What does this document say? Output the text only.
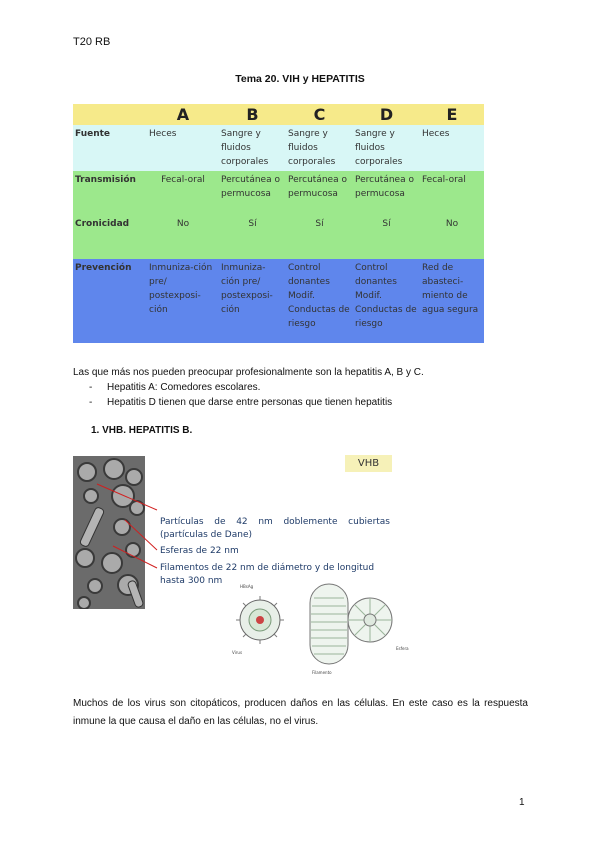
T20 RB
Tema 20. VIH y HEPATITIS
	A	B	C	D	E
Fuente	Heces	Sangre y fluidos corporales	Sangre y fluidos corporales	Sangre y fluidos corporales	Heces
Transmisión	Fecal-oral	Percutánea o permucosa	Percutánea o permucosa	Percutánea o permucosa	Fecal-oral
Cronicidad	No	Sí	Sí	Sí	No
Prevención	Inmuniza-ción pre/ postexposi-ción	Inmuniza-ción pre/ postexposi-ción	Control donantes Modif. Conductas de riesgo	Control donantes Modif. Conductas de riesgo	Red de abasteci-miento de agua segura
Las que más nos pueden preocupar profesionalmente son la hepatitis A, B y C.
- Hepatitis A: Comedores escolares.
- Hepatitis D tienen que darse entre personas que tienen hepatitis
1. VHB. HEPATITIS B.
VHB
Partículas de 42 nm doblemente cubiertas (partículas de Dane)
Esferas de 22 nm
Filamentos de 22 nm de diámetro y de longitud hasta 300 nm
HBsAg
Virus
Filamento
Esfera
Muchos de los virus son citopáticos, producen daños en las células. En este caso es la respuesta inmune la que causa el daño en las células, no el virus.
1
